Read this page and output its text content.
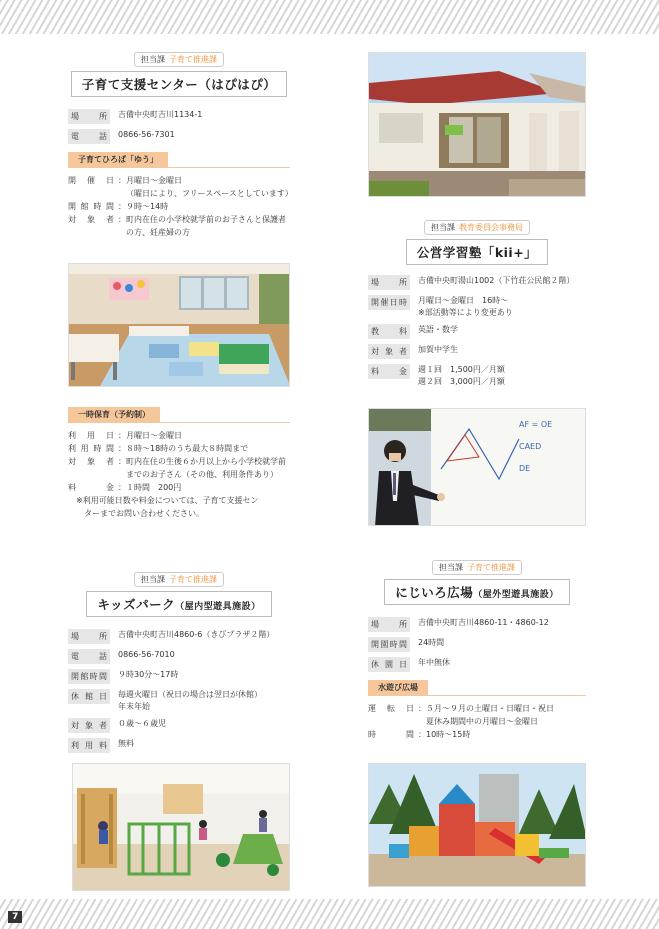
担当課 子育て推進課
子育て支援センター（はぴはぴ）
場所	吉備中央町吉川1134-1
電話	0866-56-7301
子育てひろば「ゆう」
開催日 ：月曜日～金曜日
（曜日により、フリースペースとしています）
開館時間 ：９時～14時
対象者 ：町内在住の小学校就学前のお子さんと保護者
の方、妊産婦の方
一時保育（予約制）
利用日 ：月曜日～金曜日
利用時間 ：８時～18時のうち最大８時間まで
対象者 ：町内在住の生後６か月以上から小学校就学前
までのお子さん（その他、利用条件あり）
料金 ：１時間　200円
※利用可能日数や料金については、子育て支援セン
ターまでお問い合わせください。
担当課 教育委員会事務局
公営学習塾「kii+」
場所	吉備中央町湯山1002（下竹荘公民館２階）
開催日時	月曜日～金曜日　16時～
※部活動等により変更あり
教科	英語・数学
対象者	加賀中学生
料金	週１回　1,500円／月額
週２回　3,000円／月額
AF = OE
CAED
DE
担当課 子育て推進課
キッズパーク（屋内型遊具施設）
場所	吉備中央町吉川4860-6（きびプラザ２階）
電話	0866-56-7010
開館時間	９時30分～17時
休館日	毎週火曜日（祝日の場合は翌日が休館）
年末年始
対象者	０歳～６歳児
利用料	無料
担当課 子育て推進課
にじいろ広場（屋外型遊具施設）
場所	吉備中央町吉川4860-11・4860-12
開園時間	24時間
休園日	年中無休
水遊び広場
運転日 ：５月～９月の土曜日・日曜日・祝日
夏休み期間中の月曜日～金曜日
時間 ：10時～15時
7
